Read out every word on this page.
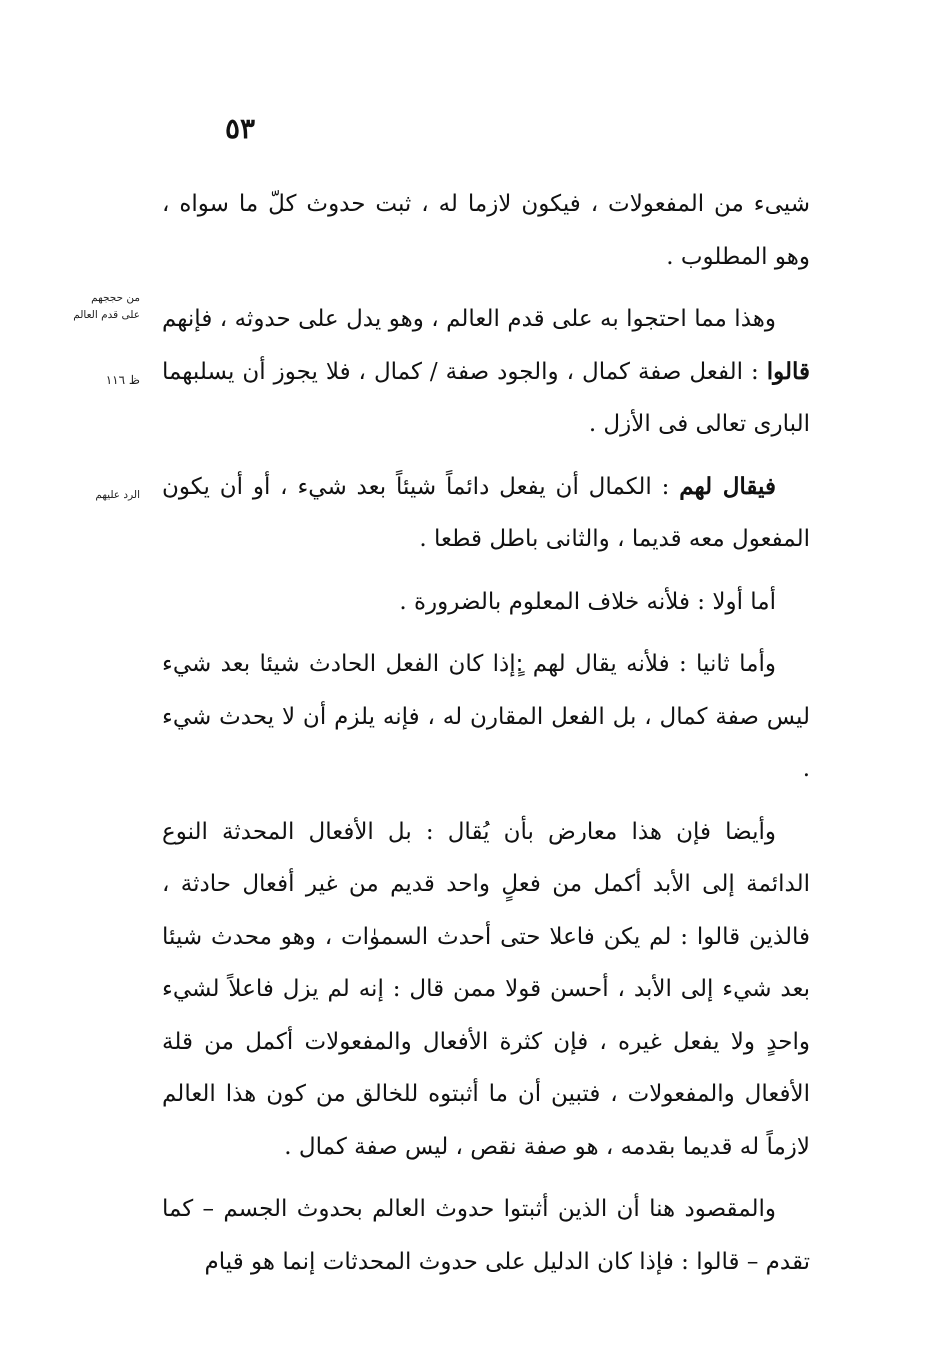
٥٣
من حججهم
على قدم العالم
ظ ١١٦
الرد عليهم

شيىء من المفعولات ، فيكون لازما له ، ثبت حدوث كلّ ما سواه ، وهو المطلوب .

وهذا مما احتجوا به على قدم العالم ، وهو يدل على حدوثه ، فإنهم قالوا : الفعل صفة كمال ، والجود صفة / كمال ، فلا يجوز أن يسلبهما البارى تعالى فى الأزل .

فيقال لهم : الكمال أن يفعل دائماً شيئاً بعد شيء ، أو أن يكون المفعول معه قديما ، والثانى باطل قطعا .

أما أولا : فلأنه خلاف المعلوم بالضرورة .

وأما ثانيا : فلأنه يقال لهم :ٍإذا كان الفعل الحادث شيئا بعد شيء ليس صفة كمال ، بل الفعل المقارن له ، فإنه يلزم أن لا يحدث شيء .

وأيضا فإن هذا معارض بأن يُقال : بل الأفعال المحدثة النوع الدائمة إلى الأبد أكمل من فعلٍ واحد قديم من غير أفعال حادثة ، فالذين قالوا : لم يكن فاعلا حتى أحدث السموٰات ، وهو محدث شيئا بعد شيء إلى الأبد ، أحسن قولا ممن قال : إنه لم يزل فاعلاً لشيء واحدٍ ولا يفعل غيره ، فإن كثرة الأفعال والمفعولات أكمل من قلة الأفعال والمفعولات ، فتبين أن ما أثبتوه للخالق من كون هذا العالم لازماً له قديما بقدمه ، هو صفة نقص ، ليس صفة كمال .

والمقصود هنا أن الذين أثبتوا حدوث العالم بحدوث الجسم – كما تقدم – قالوا : فإذا كان الدليل على حدوث المحدثات إنما هو قيام
